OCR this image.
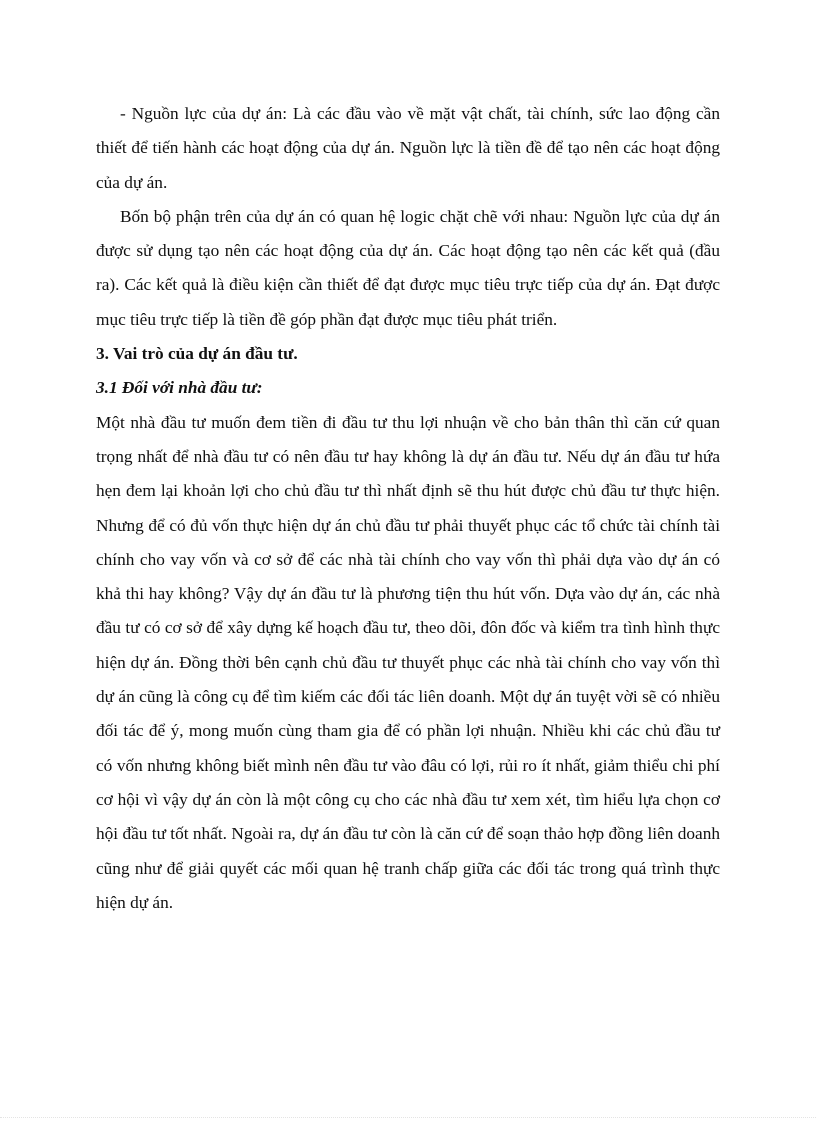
- Nguồn lực của dự án: Là các đầu vào về mặt vật chất, tài chính, sức lao động cần thiết để tiến hành các hoạt động của dự án. Nguồn lực là tiền đề để tạo nên các hoạt động của dự án.

Bốn bộ phận trên của dự án có quan hệ logic chặt chẽ với nhau: Nguồn lực của dự án được sử dụng tạo nên các hoạt động của dự án. Các hoạt động tạo nên các kết quả (đầu ra). Các kết quả là điều kiện cần thiết để đạt được mục tiêu trực tiếp của dự án. Đạt được mục tiêu trực tiếp là tiền đề góp phần đạt được mục tiêu phát triển.

3. Vai trò của dự án đầu tư.

3.1 Đối với nhà đầu tư:

Một nhà đầu tư muốn đem tiền đi đầu tư thu lợi nhuận về cho bản thân thì căn cứ quan trọng nhất để nhà đầu tư có nên đầu tư hay không là dự án đầu tư. Nếu dự án đầu tư hứa hẹn đem lại khoản lợi cho chủ đầu tư thì nhất định sẽ thu hút được chủ đầu tư thực hiện. Nhưng để có đủ vốn thực hiện dự án chủ đầu tư phải thuyết phục các tổ chức tài chính tài chính cho vay vốn và cơ sở để các nhà tài chính cho vay vốn thì phải dựa vào dự án có khả thi hay không? Vậy dự án đầu tư là phương tiện thu hút vốn. Dựa vào dự án, các nhà đầu tư có cơ sở để xây dựng kế hoạch đầu tư, theo dõi, đôn đốc và kiểm tra tình hình thực hiện dự án. Đồng thời bên cạnh chủ đầu tư thuyết phục các nhà tài chính cho vay vốn thì dự án cũng là công cụ để tìm kiếm các đối tác liên doanh. Một dự án tuyệt vời sẽ có nhiều đối tác để ý, mong muốn cùng tham gia để có phần lợi nhuận. Nhiều khi các chủ đầu tư có vốn nhưng không biết mình nên đầu tư vào đâu có lợi, rủi ro ít nhất, giảm thiểu chi phí cơ hội vì vậy dự án còn là một công cụ cho các nhà đầu tư xem xét, tìm hiểu lựa chọn cơ hội đầu tư tốt nhất. Ngoài ra, dự án đầu tư còn là căn cứ để soạn thảo hợp đồng liên doanh cũng như để giải quyết các mối quan hệ tranh chấp giữa các đối tác trong quá trình thực hiện dự án.
